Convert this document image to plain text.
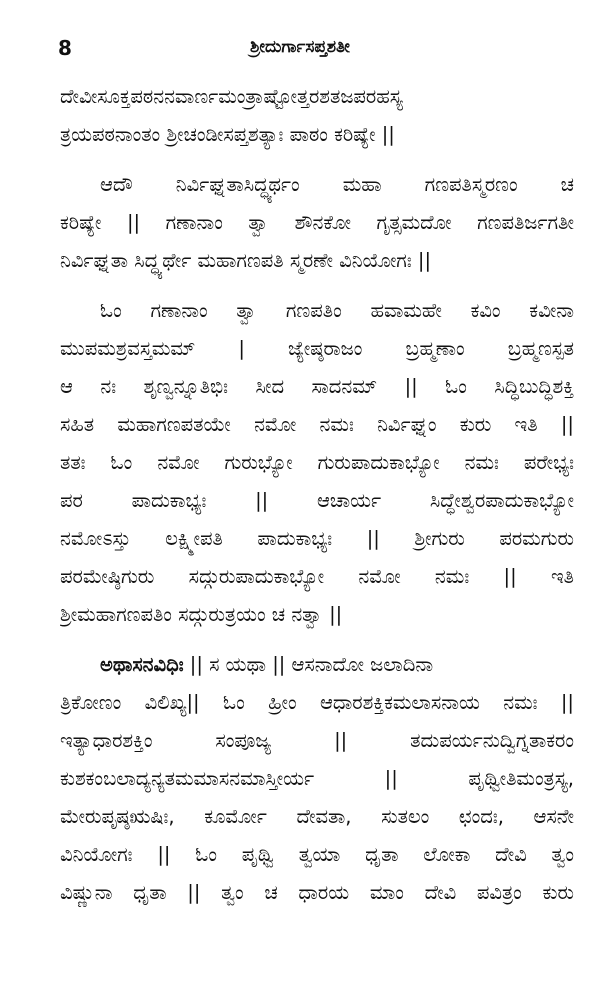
8	ಶ್ರೀದುರ್ಗಾಸಪ್ತಶತೀ
ದೇವೀಸೂಕ್ತಪಠನನವಾರ್ಣಮಂತ್ರಾಷ್ಟೋತ್ತರಶತಜಪರಹಸ್ಯ
ತ್ರಯಪಠನಾಂತಂ ಶ್ರೀಚಂಡೀಸಪ್ತಶತ್ಯಾಃ ಪಾಠಂ ಕರಿಷ್ಯೇ ||
ಆದೌ ನಿರ್ವಿಘ್ನತಾಸಿದ್ಧ್ಯರ್ಥಂ ಮಹಾ ಗಣಪತಿಸ್ಮರಣಂ ಚ
ಕರಿಷ್ಯೇ || ಗಣಾನಾಂ ತ್ವಾ ಶೌನಕೋ ಗೃತ್ಸಮದೋ ಗಣಪತಿರ್ಜಗತೀ
ನಿರ್ವಿಘ್ನತಾ ಸಿದ್ಧ್ಯರ್ಥೇ ಮಹಾಗಣಪತಿ ಸ್ಮರಣೇ ವಿನಿಯೋಗಃ ||
ಓಂ ಗಣಾನಾಂ ತ್ವಾ ಗಣಪತಿಂ ಹವಾಮಹೇ ಕವಿಂ ಕವೀನಾ
ಮುಪಮಶ್ರವಸ್ತಮಮ್ | ಜ್ಯೇಷ್ಠರಾಜಂ ಬ್ರಹ್ಮಣಾಂ ಬ್ರಹ್ಮಣಸ್ಪತ
ಆ ನಃ ಶೃಣ್ವನ್ನೂತಿಭಿಃ ಸೀದ ಸಾದನಮ್ || ಓಂ ಸಿದ್ಧಿಬುದ್ಧಿಶಕ್ತಿ
ಸಹಿತ ಮಹಾಗಣಪತಯೇ ನಮೋ ನಮಃ ನಿರ್ವಿಘ್ನಂ ಕುರು ಇತಿ ||
ತತಃ ಓಂ ನಮೋ ಗುರುಭ್ಯೋ ಗುರುಪಾದುಕಾಭ್ಯೋ ನಮಃ ಪರೇಭ್ಯಃ
ಪರ ಪಾದುಕಾಭ್ಯಃ || ಆಚಾರ್ಯ ಸಿದ್ಧೇಶ್ವರಪಾದುಕಾಭ್ಯೋ
ನಮೋಽಸ್ತು ಲಕ್ಷ್ಮೀಪತಿ ಪಾದುಕಾಭ್ಯಃ || ಶ್ರೀಗುರು ಪರಮಗುರು
ಪರಮೇಷ್ಠಿಗುರು ಸದ್ಗುರುಪಾದುಕಾಭ್ಯೋ ನಮೋ ನಮಃ || ಇತಿ
ಶ್ರೀಮಹಾಗಣಪತಿಂ ಸದ್ಗುರುತ್ರಯಂ ಚ ನತ್ವಾ ||
ಅಥಾಸನವಿಧಿಃ || ಸ ಯಥಾ || ಆಸನಾದೋ ಜಲಾದಿನಾ
ತ್ರಿಕೋಣಂ ವಿಲಿಖ್ಯ|| ಓಂ ಹ್ರೀಂ ಆಧಾರಶಕ್ತಿಕಮಲಾಸನಾಯ ನಮಃ ||
ಇತ್ಯಾಧಾರಶಕ್ತಿಂ ಸಂಪೂಜ್ಯ || ತದುಪರ್ಯನುದ್ವಿಗ್ನತಾಕರಂ
ಕುಶಕಂಬಲಾದ್ಯನ್ಯತಮಮಾಸನಮಾಸ್ತೀರ್ಯ || ಪೃಥ್ವೀತಿಮಂತ್ರಸ್ಯ,
ಮೇರುಪೃಷ್ಠಋಷಿಃ, ಕೂರ್ಮೋ ದೇವತಾ, ಸುತಲಂ ಛಂದಃ, ಆಸನೇ
ವಿನಿಯೋಗಃ || ಓಂ ಪೃಥ್ವಿ ತ್ವಯಾ ಧೃತಾ ಲೋಕಾ ದೇವಿ ತ್ವಂ
ವಿಷ್ಣುನಾ ಧೃತಾ || ತ್ವಂ ಚ ಧಾರಯ ಮಾಂ ದೇವಿ ಪವಿತ್ರಂ ಕುರು
